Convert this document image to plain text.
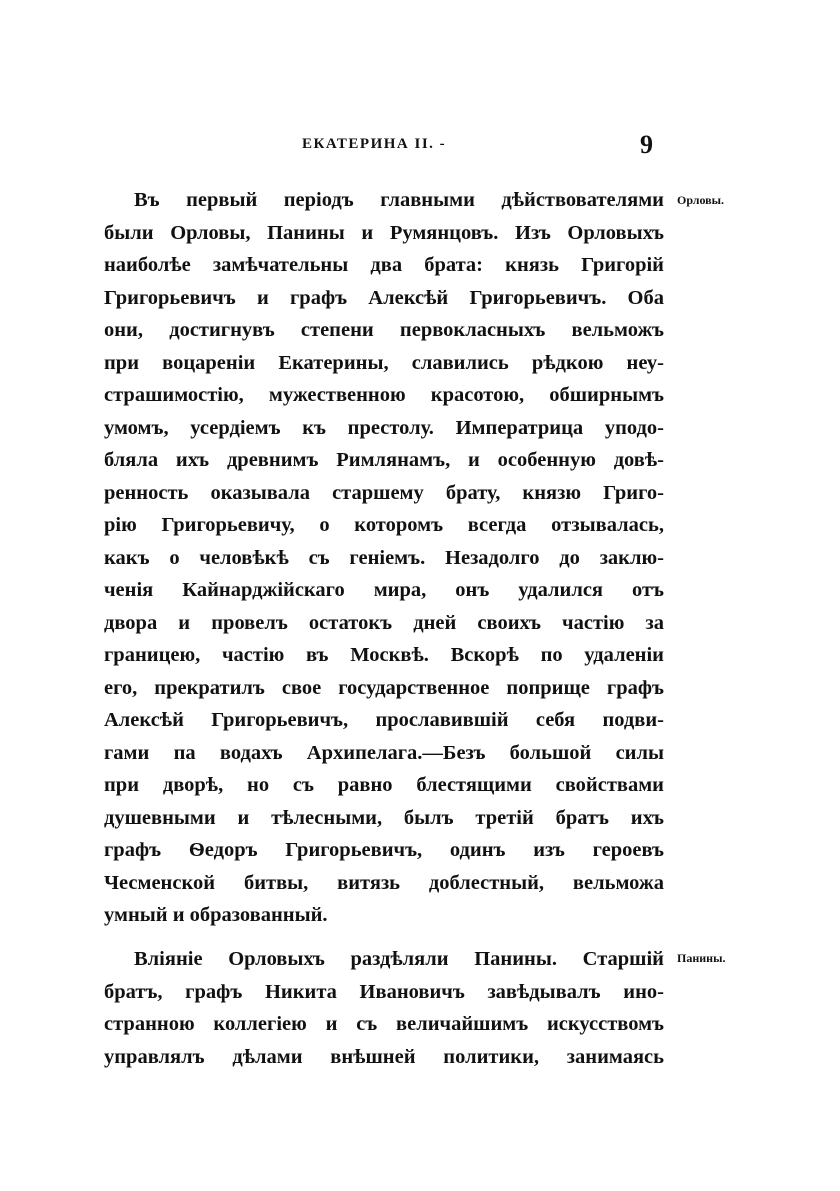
ЕКАТЕРИНА II. -	9
Орловы.
Въ первый періодъ главными дѣйствователями
были Орловы, Панины и Румянцовъ. Изъ Орловыхъ
наиболѣе замѣчательны два брата: князь Григорій
Григорьевичъ и графъ Алексѣй Григорьевичъ. Оба
они, достигнувъ степени первокласныхъ вельможъ
при воцареніи Екатерины, славились рѣдкою неу-
страшимостію, мужественною красотою, обширнымъ
умомъ, усердіемъ къ престолу. Императрица уподо-
бляла ихъ древнимъ Римлянамъ, и особенную довѣ-
ренность оказывала старшему брату, князю Григо-
рію Григорьевичу, о которомъ всегда отзывалась,
какъ о человѣкѣ съ геніемъ. Незадолго до заклю-
ченія Кайнарджійскаго мира, онъ удалился отъ
двора и провелъ остатокъ дней своихъ частію за
границею, частію въ Москвѣ. Вскорѣ по удаленіи
его, прекратилъ свое государственное поприще графъ
Алексѣй Григорьевичъ, прославившій себя подви-
гами па водахъ Архипелага.—Безъ большой силы
при дворѣ, но съ равно блестящими свойствами
душевными и тѣлесными, былъ третій братъ ихъ
графъ Ѳедоръ Григорьевичъ, одинъ изъ героевъ
Чесменской битвы, витязь доблестный, вельможа
умный и образованный.
Панины.
Вліяніе Орловыхъ раздѣляли Панины. Старшій
братъ, графъ Никита Ивановичъ завѣдывалъ ино-
странною коллегіею и съ величайшимъ искусствомъ
управлялъ дѣлами внѣшней политики, занимаясь
